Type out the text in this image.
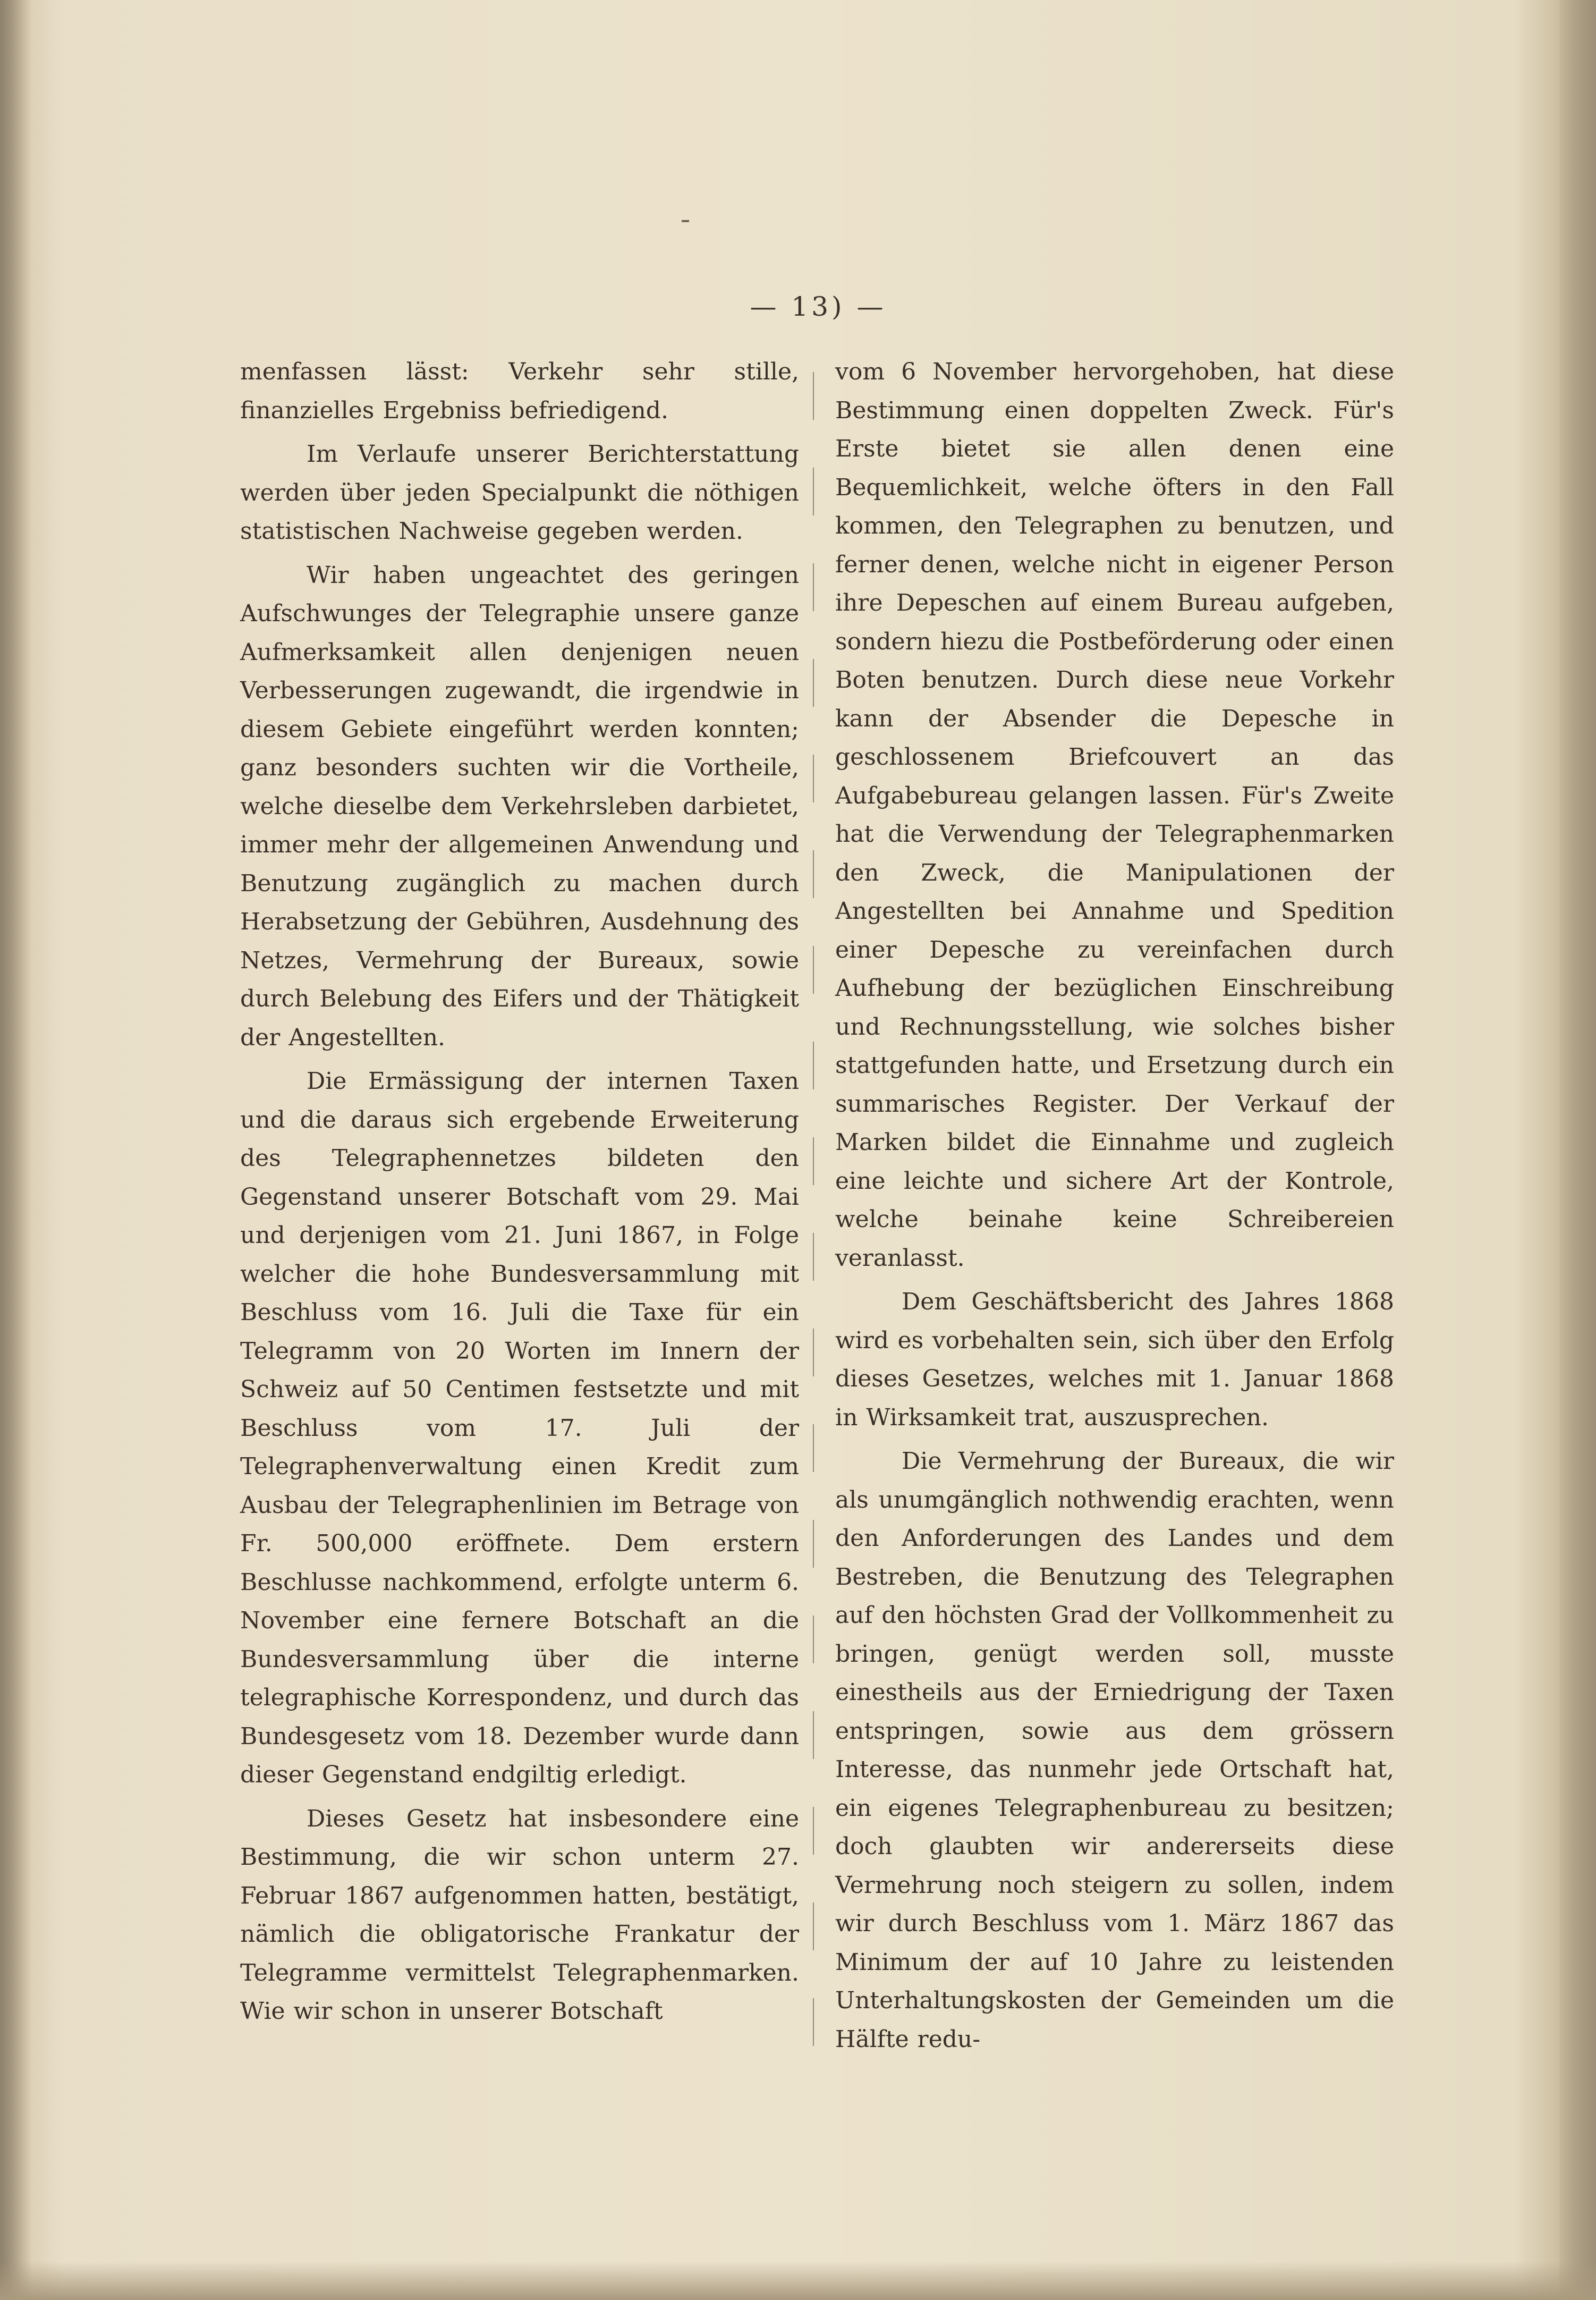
— 13) —

menfassen lässt: Verkehr sehr stille, finanzielles Ergebniss befriedigend.

Im Verlaufe unserer Berichterstattung werden über jeden Specialpunkt die nöthigen statistischen Nachweise gegeben werden.

Wir haben ungeachtet des geringen Aufschwunges der Telegraphie unsere ganze Aufmerksamkeit allen denjenigen neuen Verbesserungen zugewandt, die irgendwie in diesem Gebiete eingeführt werden konnten; ganz besonders suchten wir die Vortheile, welche dieselbe dem Verkehrsleben darbietet, immer mehr der allgemeinen Anwendung und Benutzung zugänglich zu machen durch Herabsetzung der Gebühren, Ausdehnung des Netzes, Vermehrung der Bureaux, sowie durch Belebung des Eifers und der Thätigkeit der Angestellten.

Die Ermässigung der internen Taxen und die daraus sich ergebende Erweiterung des Telegraphennetzes bildeten den Gegenstand unserer Botschaft vom 29. Mai und derjenigen vom 21. Juni 1867, in Folge welcher die hohe Bundesversammlung mit Beschluss vom 16. Juli die Taxe für ein Telegramm von 20 Worten im Innern der Schweiz auf 50 Centimen festsetzte und mit Beschluss vom 17. Juli der Telegraphenverwaltung einen Kredit zum Ausbau der Telegraphenlinien im Betrage von Fr. 500,000 eröffnete. Dem erstern Beschlusse nachkommend, erfolgte unterm 6. November eine fernere Botschaft an die Bundesversammlung über die interne telegraphische Korrespondenz, und durch das Bundesgesetz vom 18. Dezember wurde dann dieser Gegenstand endgiltig erledigt.

Dieses Gesetz hat insbesondere eine Bestimmung, die wir schon unterm 27. Februar 1867 aufgenommen hatten, bestätigt, nämlich die obligatorische Frankatur der Telegramme vermittelst Telegraphenmarken. Wie wir schon in unserer Botschaft

vom 6 November hervorgehoben, hat diese Bestimmung einen doppelten Zweck. Für's Erste bietet sie allen denen eine Bequemlichkeit, welche öfters in den Fall kommen, den Telegraphen zu benutzen, und ferner denen, welche nicht in eigener Person ihre Depeschen auf einem Bureau aufgeben, sondern hiezu die Postbeförderung oder einen Boten benutzen. Durch diese neue Vorkehr kann der Absender die Depesche in geschlossenem Briefcouvert an das Aufgabebureau gelangen lassen. Für's Zweite hat die Verwendung der Telegraphenmarken den Zweck, die Manipulationen der Angestellten bei Annahme und Spedition einer Depesche zu vereinfachen durch Aufhebung der bezüglichen Einschreibung und Rechnungsstellung, wie solches bisher stattgefunden hatte, und Ersetzung durch ein summarisches Register. Der Verkauf der Marken bildet die Einnahme und zugleich eine leichte und sichere Art der Kontrole, welche beinahe keine Schreibereien veranlasst.

Dem Geschäftsbericht des Jahres 1868 wird es vorbehalten sein, sich über den Erfolg dieses Gesetzes, welches mit 1. Januar 1868 in Wirksamkeit trat, auszusprechen.

Die Vermehrung der Bureaux, die wir als unumgänglich nothwendig erachten, wenn den Anforderungen des Landes und dem Bestreben, die Benutzung des Telegraphen auf den höchsten Grad der Vollkommenheit zu bringen, genügt werden soll, musste einestheils aus der Erniedrigung der Taxen entspringen, sowie aus dem grössern Interesse, das nunmehr jede Ortschaft hat, ein eigenes Telegraphenbureau zu besitzen; doch glaubten wir andererseits diese Vermehrung noch steigern zu sollen, indem wir durch Beschluss vom 1. März 1867 das Minimum der auf 10 Jahre zu leistenden Unterhaltungskosten der Gemeinden um die Hälfte redu-
